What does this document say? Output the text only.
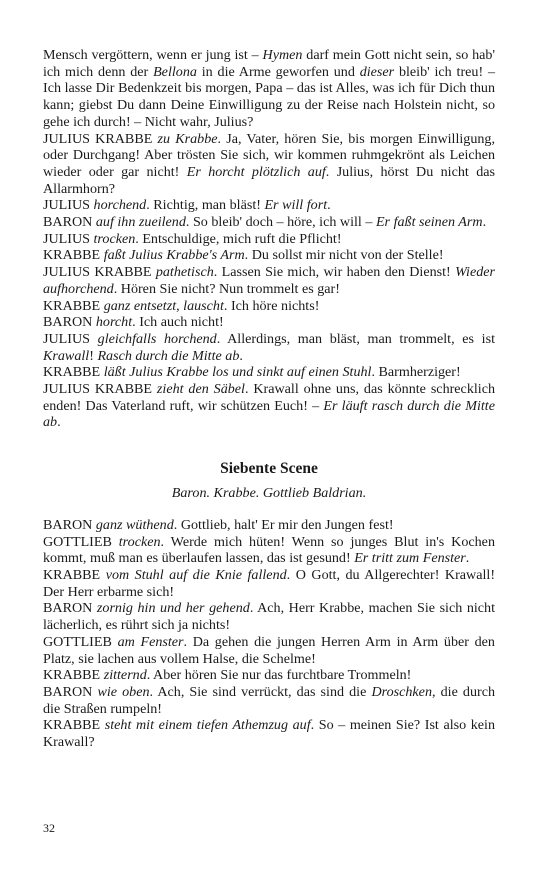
Mensch vergöttern, wenn er jung ist – Hymen darf mein Gott nicht sein, so hab' ich mich denn der Bellona in die Arme geworfen und dieser bleib' ich treu! – Ich lasse Dir Bedenkzeit bis morgen, Papa – das ist Alles, was ich für Dich thun kann; giebst Du dann Deine Einwilligung zu der Reise nach Holstein nicht, so gehe ich durch! – Nicht wahr, Julius?

JULIUS KRABBE zu Krabbe. Ja, Vater, hören Sie, bis morgen Einwilligung, oder Durchgang! Aber trösten Sie sich, wir kommen ruhmgekrönt als Leichen wieder oder gar nicht! Er horcht plötzlich auf. Julius, hörst Du nicht das Allarmhorn?

JULIUS horchend. Richtig, man bläst! Er will fort.

BARON auf ihn zueilend. So bleib' doch – höre, ich will – Er faßt seinen Arm.

JULIUS trocken. Entschuldige, mich ruft die Pflicht!

KRABBE faßt Julius Krabbe's Arm. Du sollst mir nicht von der Stelle!

JULIUS KRABBE pathetisch. Lassen Sie mich, wir haben den Dienst! Wieder aufhorchend. Hören Sie nicht? Nun trommelt es gar!

KRABBE ganz entsetzt, lauscht. Ich höre nichts!

BARON horcht. Ich auch nicht!

JULIUS gleichfalls horchend. Allerdings, man bläst, man trommelt, es ist Krawall! Rasch durch die Mitte ab.

KRABBE läßt Julius Krabbe los und sinkt auf einen Stuhl. Barmherziger!

JULIUS KRABBE zieht den Säbel. Krawall ohne uns, das könnte schrecklich enden! Das Vaterland ruft, wir schützen Euch! – Er läuft rasch durch die Mitte ab.

Siebente Scene
Baron. Krabbe. Gottlieb Baldrian.

BARON ganz wüthend. Gottlieb, halt' Er mir den Jungen fest!

GOTTLIEB trocken. Werde mich hüten! Wenn so junges Blut in's Kochen kommt, muß man es überlaufen lassen, das ist gesund! Er tritt zum Fenster.

KRABBE vom Stuhl auf die Knie fallend. O Gott, du Allgerechter! Krawall! Der Herr erbarme sich!

BARON zornig hin und her gehend. Ach, Herr Krabbe, machen Sie sich nicht lächerlich, es rührt sich ja nichts!

GOTTLIEB am Fenster. Da gehen die jungen Herren Arm in Arm über den Platz, sie lachen aus vollem Halse, die Schelme!

KRABBE zitternd. Aber hören Sie nur das furchtbare Trommeln!

BARON wie oben. Ach, Sie sind verrückt, das sind die Droschken, die durch die Straßen rumpeln!

KRABBE steht mit einem tiefen Athemzug auf. So – meinen Sie? Ist also kein Krawall?

32
